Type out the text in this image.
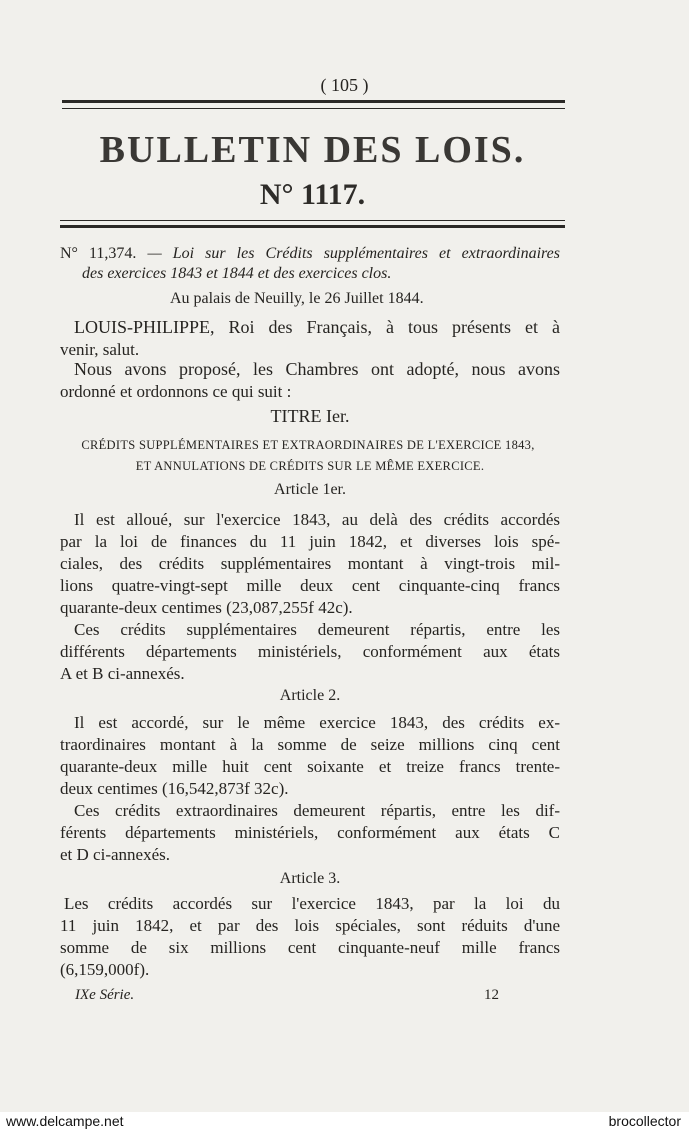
( 105 )
BULLETIN DES LOIS.
N° 1117.
N° 11,374. — Loi sur les Crédits supplémentaires et extraordinaires
des exercices 1843 et 1844 et des exercices clos.
Au palais de Neuilly, le 26 Juillet 1844.
LOUIS-PHILIPPE, Roi des Français, à tous présents et à
venir, salut.
Nous avons proposé, les Chambres ont adopté, nous avons
ordonné et ordonnons ce qui suit :
TITRE Ier.
CRÉDITS SUPPLÉMENTAIRES ET EXTRAORDINAIRES DE L'EXERCICE 1843,
ET ANNULATIONS DE CRÉDITS SUR LE MÊME EXERCICE.
Article 1er.
Il est alloué, sur l'exercice 1843, au delà des crédits accordés
par la loi de finances du 11 juin 1842, et diverses lois spé-
ciales, des crédits supplémentaires montant à vingt-trois mil-
lions quatre-vingt-sept mille deux cent cinquante-cinq francs
quarante-deux centimes (23,087,255f 42c).
Ces crédits supplémentaires demeurent répartis, entre les
différents départements ministériels, conformément aux états
A et B ci-annexés.
Article 2.
Il est accordé, sur le même exercice 1843, des crédits ex-
traordinaires montant à la somme de seize millions cinq cent
quarante-deux mille huit cent soixante et treize francs trente-
deux centimes (16,542,873f 32c).
Ces crédits extraordinaires demeurent répartis, entre les dif-
férents départements ministériels, conformément aux états C
et D ci-annexés.
Article 3.
Les crédits accordés sur l'exercice 1843, par la loi du
11 juin 1842, et par des lois spéciales, sont réduits d'une
somme de six millions cent cinquante-neuf mille francs
(6,159,000f).
IXe Série.	12
www.delcampe.net	brocollector
